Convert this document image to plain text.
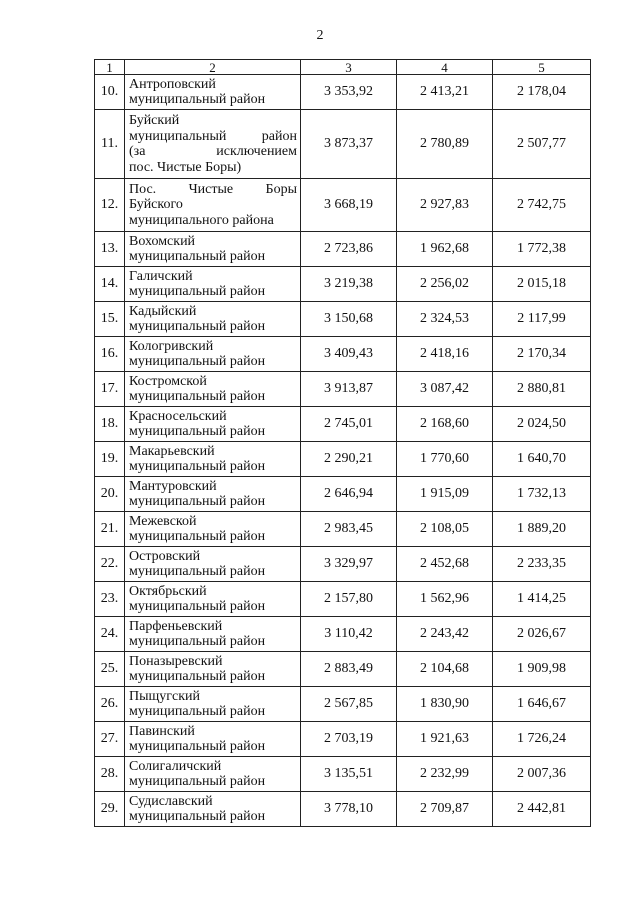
2
1	2	3	4	5
10.	Антроповский
муниципальный район	3 353,92	2 413,21	2 178,04
11.	Буйский
муниципальный район
(за исключением
пос. Чистые Боры)	3 873,37	2 780,89	2 507,77
12.	Пос. Чистые Боры
Буйского
муниципального района	3 668,19	2 927,83	2 742,75
13.	Вохомский
муниципальный район	2 723,86	1 962,68	1 772,38
14.	Галичский
муниципальный район	3 219,38	2 256,02	2 015,18
15.	Кадыйский
муниципальный район	3 150,68	2 324,53	2 117,99
16.	Кологривский
муниципальный район	3 409,43	2 418,16	2 170,34
17.	Костромской
муниципальный район	3 913,87	3 087,42	2 880,81
18.	Красносельский
муниципальный район	2 745,01	2 168,60	2 024,50
19.	Макарьевский
муниципальный район	2 290,21	1 770,60	1 640,70
20.	Мантуровский
муниципальный район	2 646,94	1 915,09	1 732,13
21.	Межевской
муниципальный район	2 983,45	2 108,05	1 889,20
22.	Островский
муниципальный район	3 329,97	2 452,68	2 233,35
23.	Октябрьский
муниципальный район	2 157,80	1 562,96	1 414,25
24.	Парфеньевский
муниципальный район	3 110,42	2 243,42	2 026,67
25.	Поназыревский
муниципальный район	2 883,49	2 104,68	1 909,98
26.	Пыщугский
муниципальный район	2 567,85	1 830,90	1 646,67
27.	Павинский
муниципальный район	2 703,19	1 921,63	1 726,24
28.	Солигаличский
муниципальный район	3 135,51	2 232,99	2 007,36
29.	Судиславский
муниципальный район	3 778,10	2 709,87	2 442,81
